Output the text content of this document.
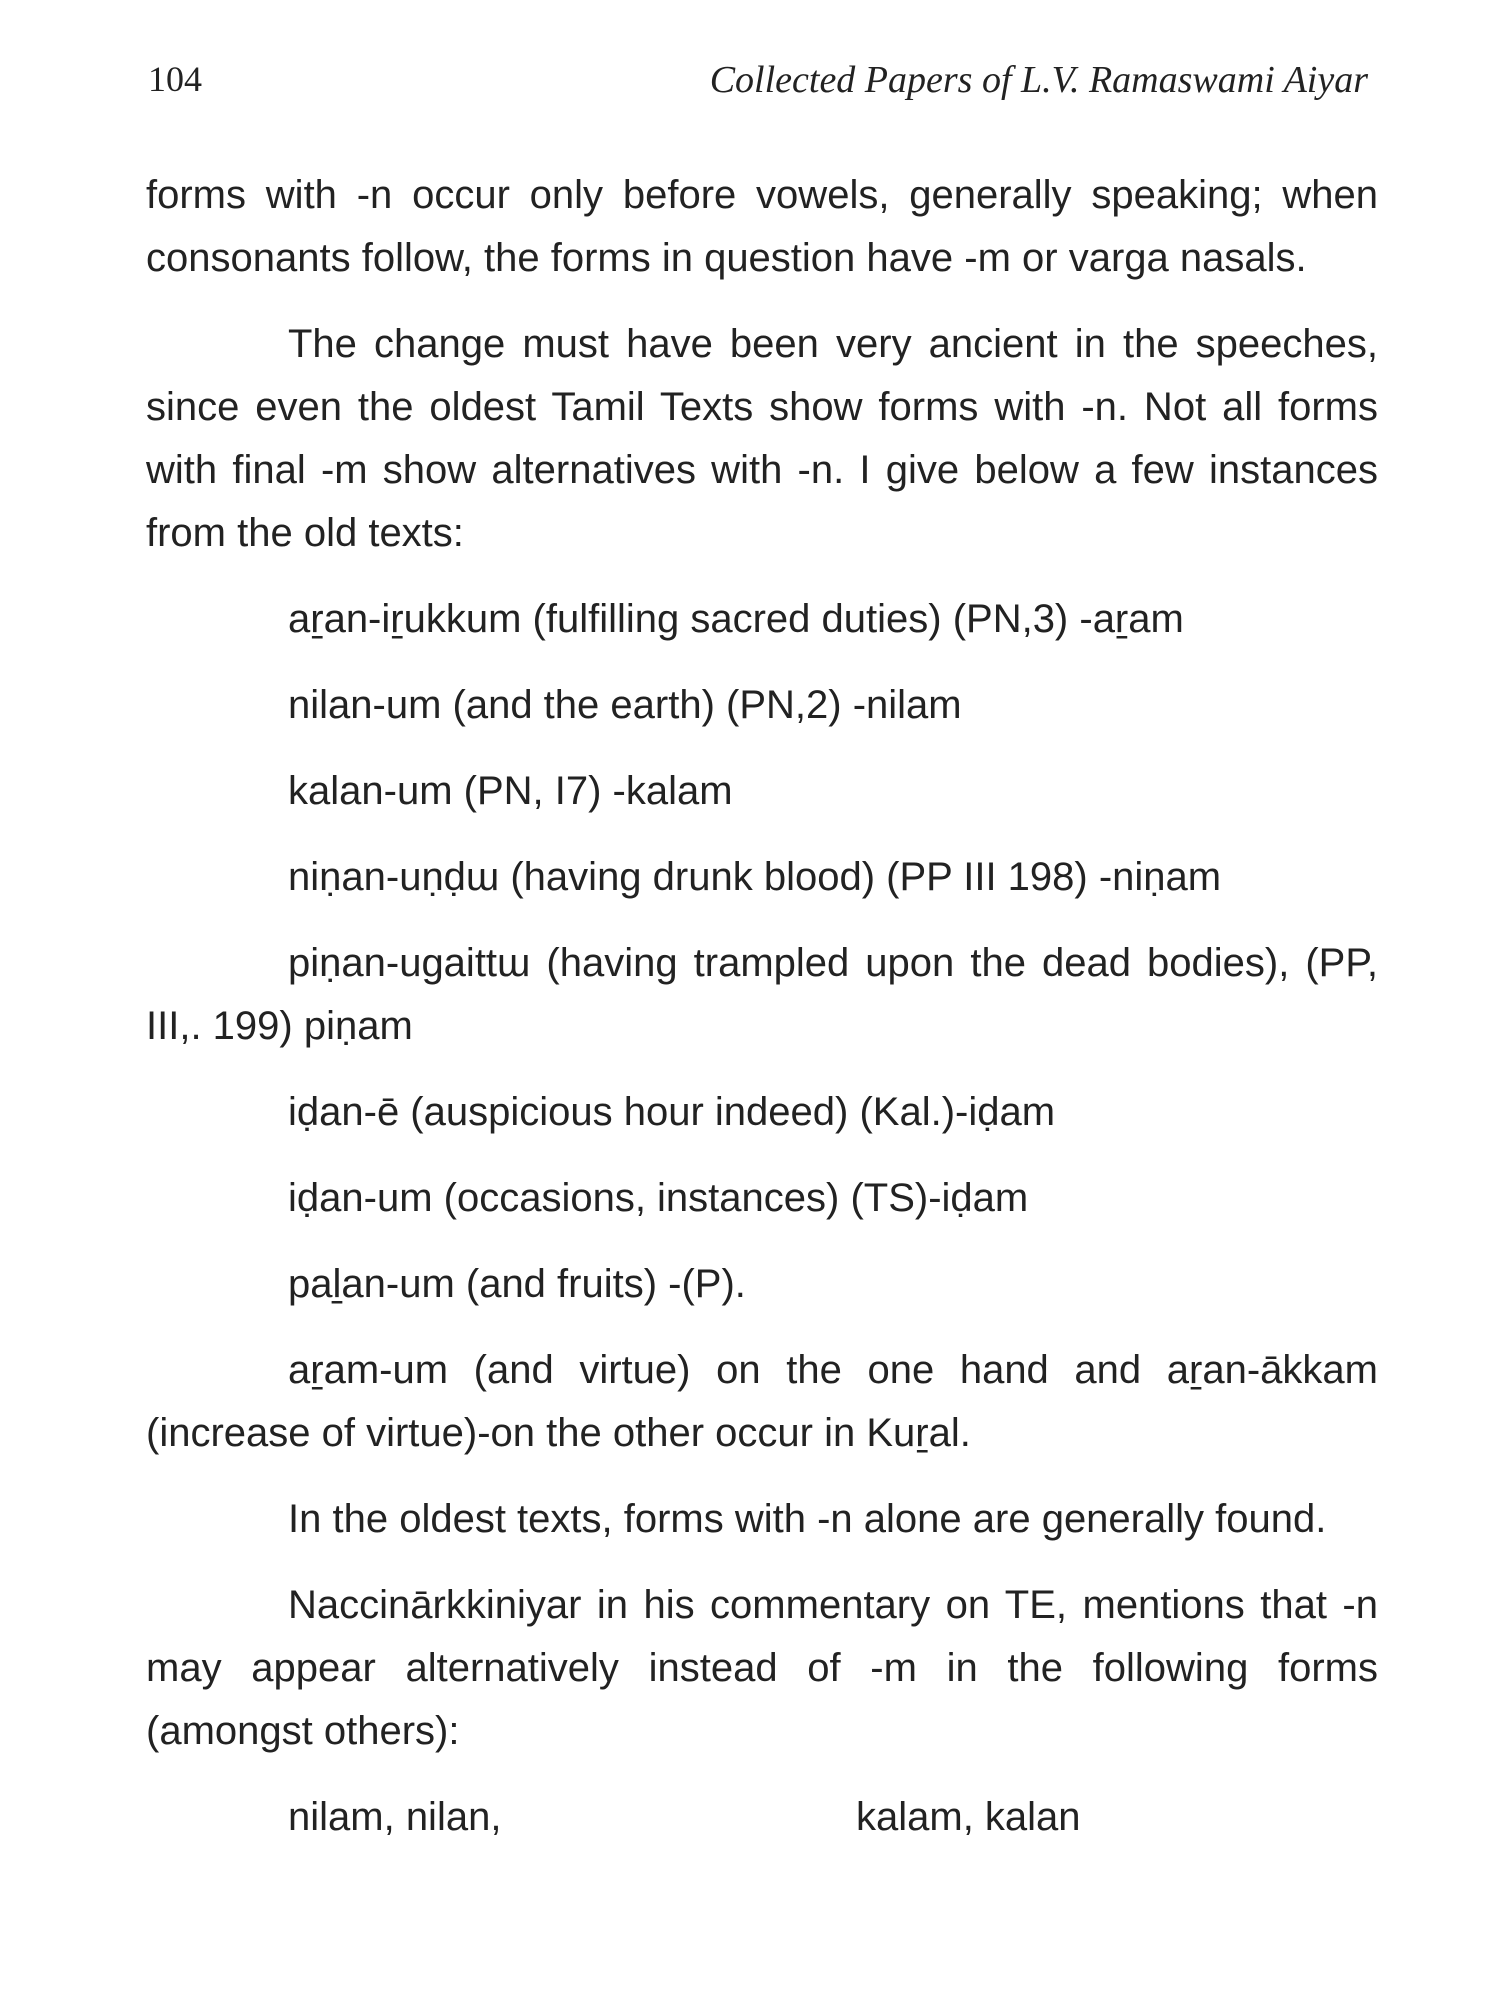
104	Collected Papers of L.V. Ramaswami Aiyar

forms with -n occur only before vowels, generally speaking; when consonants follow, the forms in question have -m or varga nasals.

The change must have been very ancient in the speeches, since even the oldest Tamil Texts show forms with -n. Not all forms with final -m show alternatives with -n. I give below a few instances from the old texts:

aṟan-iṟukkum (fulfilling sacred duties) (PN,3) -aṟam

nilan-um (and the earth) (PN,2) -nilam

kalan-um (PN, I7) -kalam

niṇan-uṇḍɯ (having drunk blood) (PP III 198) -niṇam

piṇan-ugaittɯ (having trampled upon the dead bodies), (PP, III,. 199) piṇam

iḍan-ē (auspicious hour indeed) (Kal.)-iḍam

iḍan-um (occasions, instances) (TS)-iḍam

paḻan-um (and fruits) -(P).

aṟam-um (and virtue) on the one hand and aṟan-ākkam (increase of virtue)-on the other occur in Kuṟal.

In the oldest texts, forms with -n alone are generally found.

Naccinārkkiniyar in his commentary on TE, mentions that -n may appear alternatively instead of -m in the following forms (amongst others):

nilam, nilan,	kalam, kalan
